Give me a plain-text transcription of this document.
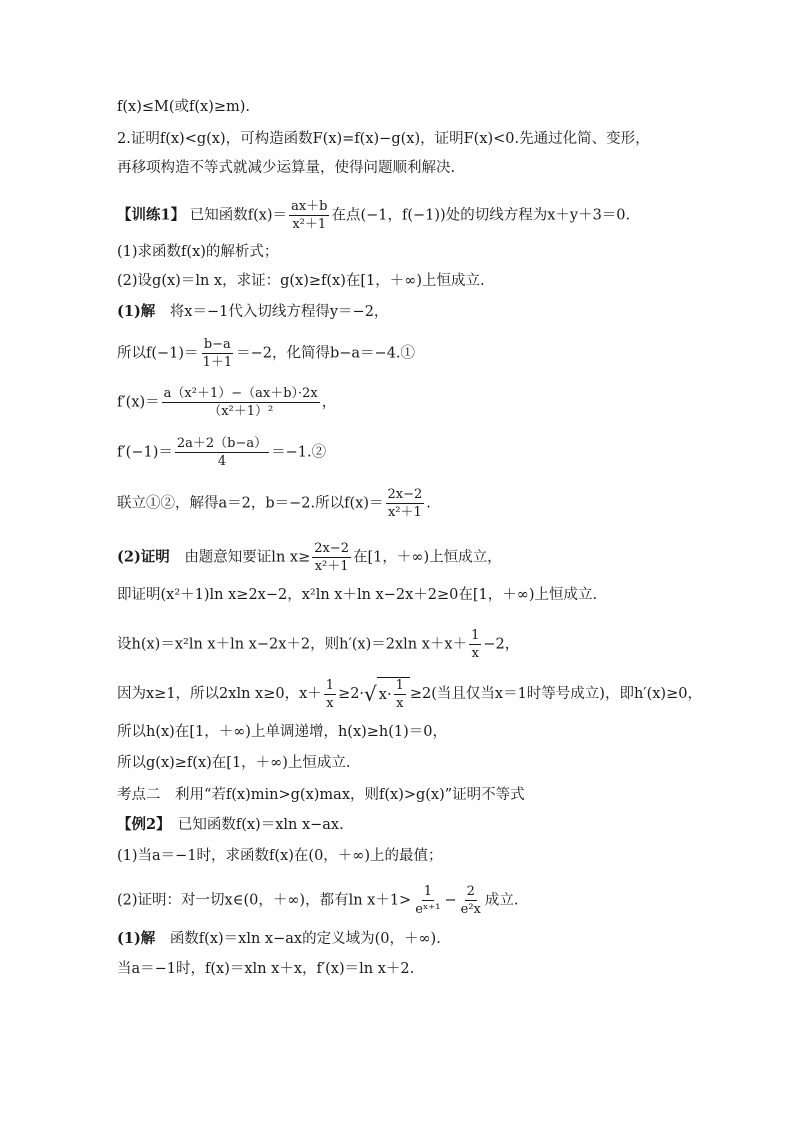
f(x)≤M(或f(x)≥m).
2.证明f(x)<g(x)，可构造函数F(x)=f(x)−g(x)，证明F(x)<0.先通过化简、变形，
再移项构造不等式就减少运算量，使得问题顺利解决.
【训练1】 已知函数$f(x)= \frac{ax+b}{\text{x²＋1}}$ 在点(−1，f(−1))处的切线方程为x＋y＋3＝0.
(1)求函数f(x)的解析式；
(2)设g(x)＝ln x，求证：g(x)≥f(x)在[1，＋∞)上恒成立.
(1)解　 将x＝−1代入切线方程得y＝−2，
所以$f(-1)= \frac{b-a}{1+1} =-2$，化简得b−a＝−4.①
$f'(x)= \frac{\text{a（x²＋1）−（ax＋b）·2x}}{\text{（x²＋1）²}}$ ，
$f'(-1)= \frac{2a+2(b-a)}{4}$ ＝−1.②
联立①②，解得a＝2，b＝−2.所以$f(x)= \frac{2x-2}{\text{x²＋1}}$ .
(2)证明　 由题意知要证$\ln x\ge \frac{2x-2}{\text{x²＋1}}$ 在[1，＋∞)上恒成立，
即证明(x²＋1)ln x≥2x−2，x²ln x＋ln x−2x＋2≥0在[1，＋∞)上恒成立.
设h(x)＝x²ln x＋ln x−2x＋2，则h′(x)＝2xln $x+x+ \frac{1}{x} -2$，
因为x≥1，所以2xln x≥0，$x+ \frac{1}{x} \ge 2\cdot$ √ $x\cdot \frac{1}{x} \ge 2$(当且仅当x＝1时等号成立)，即h′(x)≥0，
所以h(x)在[1，＋∞)上单调递增，h(x)≥h(1)＝0，
所以g(x)≥f(x)在[1，＋∞)上恒成立.
考点二　利用“若f(x)min>g(x)max，则f(x)>g(x)”证明不等式
【例2】　 已知函数f(x)＝xln x−ax.
(1)当a＝−1时，求函数f(x)在(0，＋∞)上的最值；
(2)证明：对一切x∈(0，＋∞)，都有$\ln x+1> \frac{1}{\text{eˣ⁺¹}} - \frac{2}{\text{e²x}}$ 成立.
(1)解　 函数f(x)＝xln x−ax的定义域为(0，＋∞).
当a＝−1时，f(x)＝xln x＋x，f′(x)＝ln x＋2.
